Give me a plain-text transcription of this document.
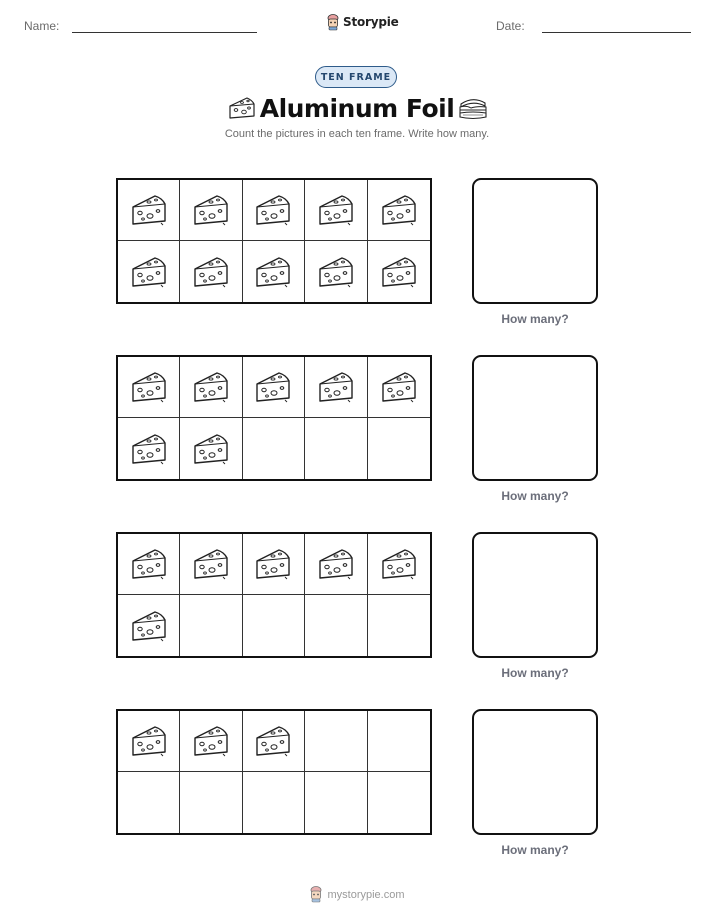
Name:	Storypie	Date:
TEN FRAME
Aluminum Foil
Count the pictures in each ten frame. Write how many.
How many?
How many?
How many?
How many?
mystorypie.com
